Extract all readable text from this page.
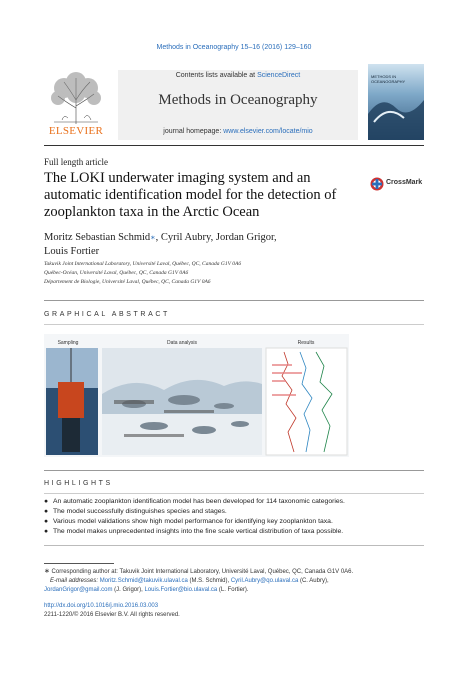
Methods in Oceanography 15–16 (2016) 129–160
ELSEVIER
Contents lists available at ScienceDirect
Methods in Oceanography
journal homepage: www.elsevier.com/locate/mio
METHODS IN OCEANOGRAPHY
Full length article
The LOKI underwater imaging system and an automatic identification model for the detection of zooplankton taxa in the Arctic Ocean
CrossMark
Moritz Sebastian Schmid∗, Cyril Aubry, Jordan Grigor,
Louis Fortier
Takuvik Joint International Laboratory, Université Laval, Québec, QC, Canada G1V 0A6
Québec-Océan, Université Laval, Québec, QC, Canada G1V 0A6
Département de Biologie, Université Laval, Québec, QC, Canada G1V 0A6
GRAPHICAL ABSTRACT
Sampling	Data analysis	Results
HIGHLIGHTS
● An automatic zooplankton identification model has been developed for 114 taxonomic categories.
● The model successfully distinguishes species and stages.
● Various model validations show high model performance for identifying key zooplankton taxa.
● The model makes unprecedented insights into the fine scale vertical distribution of taxa possible.
∗ Corresponding author at: Takuvik Joint International Laboratory, Université Laval, Québec, QC, Canada G1V 0A6.
E-mail addresses: Moritz.Schmid@takuvik.ulaval.ca (M.S. Schmid), Cyril.Aubry@qo.ulaval.ca (C. Aubry),
JordanGrigor@gmail.com (J. Grigor), Louis.Fortier@bio.ulaval.ca (L. Fortier).
http://dx.doi.org/10.1016/j.mio.2016.03.003
2211-1220/© 2016 Elsevier B.V. All rights reserved.
